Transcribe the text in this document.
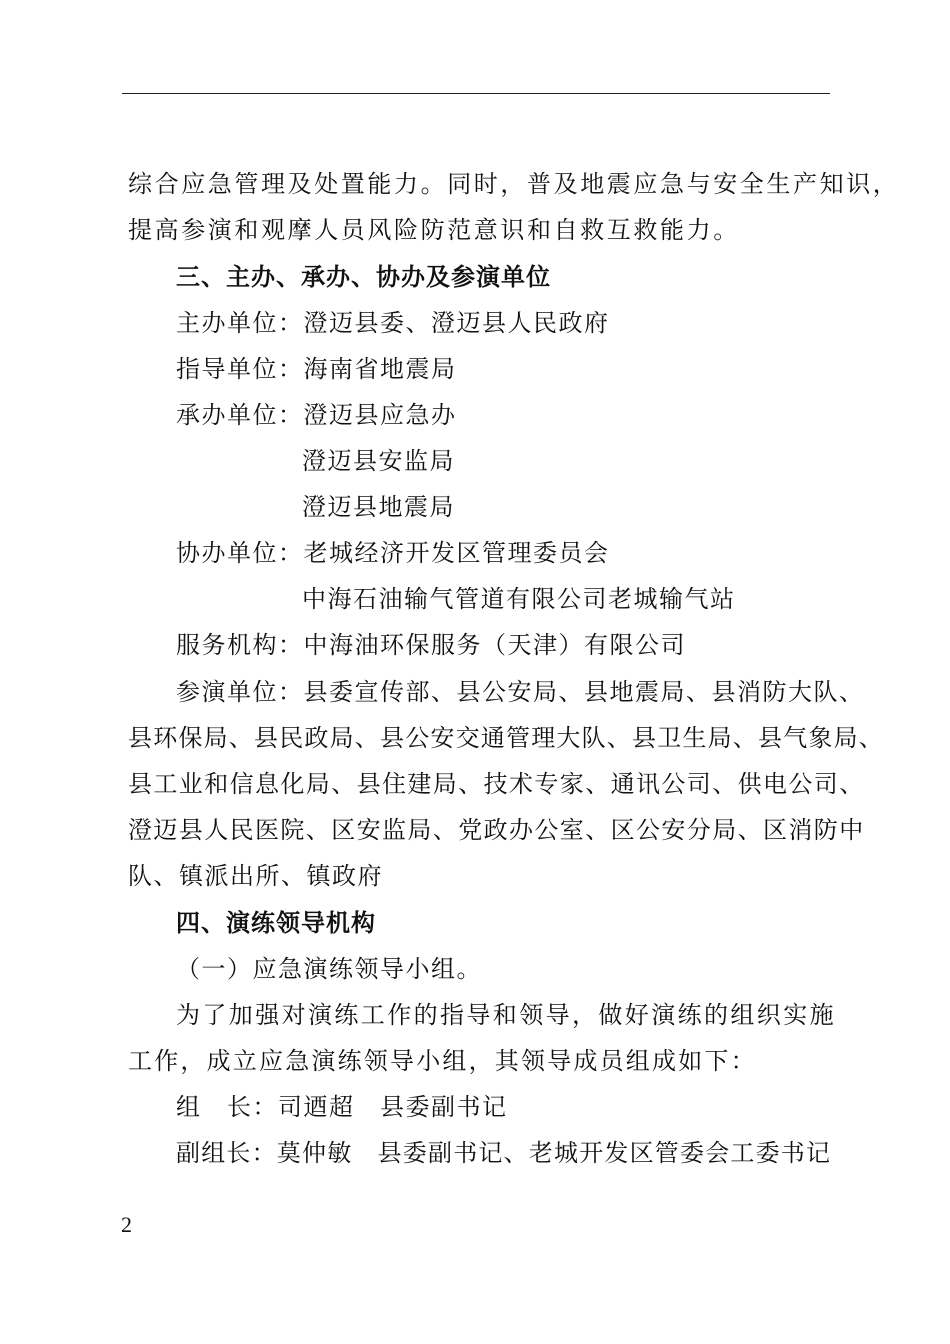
综合应急管理及处置能力。同时，普及地震应急与安全生产知识，
提高参演和观摩人员风险防范意识和自救互救能力。
三、主办、承办、协办及参演单位
主办单位：澄迈县委、澄迈县人民政府
指导单位：海南省地震局
承办单位：澄迈县应急办
澄迈县安监局
澄迈县地震局
协办单位：老城经济开发区管理委员会
中海石油输气管道有限公司老城输气站
服务机构：中海油环保服务（天津）有限公司
参演单位：县委宣传部、县公安局、县地震局、县消防大队、
县环保局、县民政局、县公安交通管理大队、县卫生局、县气象局、
县工业和信息化局、县住建局、技术专家、通讯公司、供电公司、
澄迈县人民医院、区安监局、党政办公室、区公安分局、区消防中
队、镇派出所、镇政府
四、演练领导机构
（一）应急演练领导小组。
为了加强对演练工作的指导和领导，做好演练的组织实施
工作，成立应急演练领导小组，其领导成员组成如下：
组　长：司迺超　县委副书记
副组长：莫仲敏　县委副书记、老城开发区管委会工委书记
2
